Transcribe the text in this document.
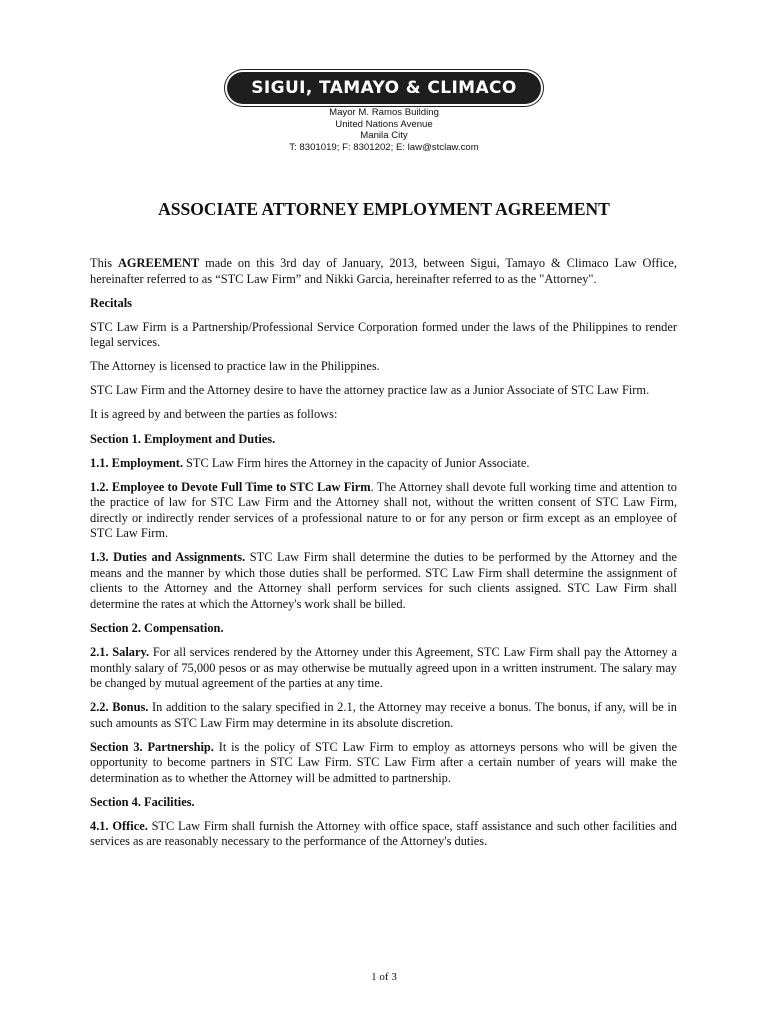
SIGUI, TAMAYO & CLIMACO
Mayor M. Ramos Building
United Nations Avenue
Manila City
T: 8301019; F: 8301202; E: law@stclaw.com
ASSOCIATE ATTORNEY EMPLOYMENT AGREEMENT

This AGREEMENT made on this 3rd day of January, 2013, between Sigui, Tamayo & Climaco Law Office, hereinafter referred to as “STC Law Firm” and Nikki Garcia, hereinafter referred to as the "Attorney".

Recitals

STC Law Firm is a Partnership/Professional Service Corporation formed under the laws of the Philippines to render legal services.

The Attorney is licensed to practice law in the Philippines.

STC Law Firm and the Attorney desire to have the attorney practice law as a Junior Associate of STC Law Firm.

It is agreed by and between the parties as follows:

Section 1. Employment and Duties.

1.1. Employment. STC Law Firm hires the Attorney in the capacity of Junior Associate.

1.2. Employee to Devote Full Time to STC Law Firm. The Attorney shall devote full working time and attention to the practice of law for STC Law Firm and the Attorney shall not, without the written consent of STC Law Firm, directly or indirectly render services of a professional nature to or for any person or firm except as an employee of STC Law Firm.

1.3. Duties and Assignments. STC Law Firm shall determine the duties to be performed by the Attorney and the means and the manner by which those duties shall be performed. STC Law Firm shall determine the assignment of clients to the Attorney and the Attorney shall perform services for such clients assigned. STC Law Firm shall determine the rates at which the Attorney's work shall be billed.

Section 2. Compensation.

2.1. Salary. For all services rendered by the Attorney under this Agreement, STC Law Firm shall pay the Attorney a monthly salary of 75,000 pesos or as may otherwise be mutually agreed upon in a written instrument. The salary may be changed by mutual agreement of the parties at any time.

2.2. Bonus. In addition to the salary specified in 2.1, the Attorney may receive a bonus. The bonus, if any, will be in such amounts as STC Law Firm may determine in its absolute discretion.

Section 3. Partnership. It is the policy of STC Law Firm to employ as attorneys persons who will be given the opportunity to become partners in STC Law Firm. STC Law Firm after a certain number of years will make the determination as to whether the Attorney will be admitted to partnership.

Section 4. Facilities.

4.1. Office. STC Law Firm shall furnish the Attorney with office space, staff assistance and such other facilities and services as are reasonably necessary to the performance of the Attorney's duties.

1 of 3
